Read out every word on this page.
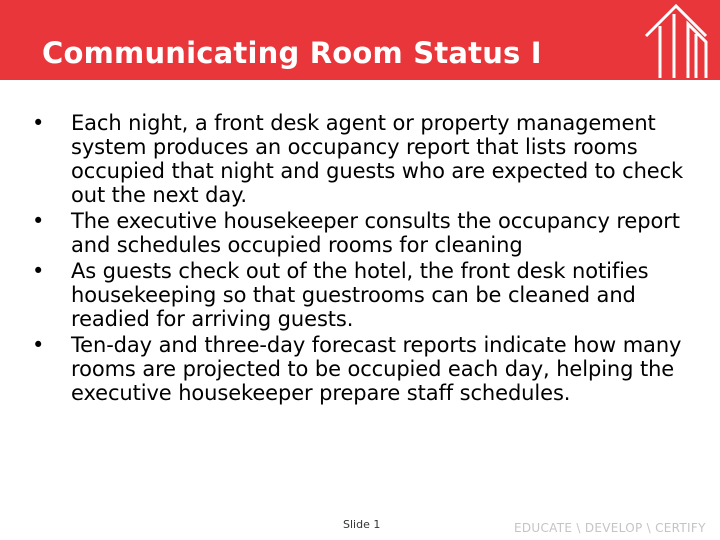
Communicating Room Status I
• Each night, a front desk agent or property management system produces an occupancy report that lists rooms occupied that night and guests who are expected to check out the next day.
• The executive housekeeper consults the occupancy report and schedules occupied rooms for cleaning
• As guests check out of the hotel, the front desk notifies housekeeping so that guestrooms can be cleaned and readied for arriving guests.
• Ten-day and three-day forecast reports indicate how many rooms are projected to be occupied each day, helping the executive housekeeper prepare staff schedules.
Slide 1	EDUCATE \ DEVELOP \ CERTIFY
